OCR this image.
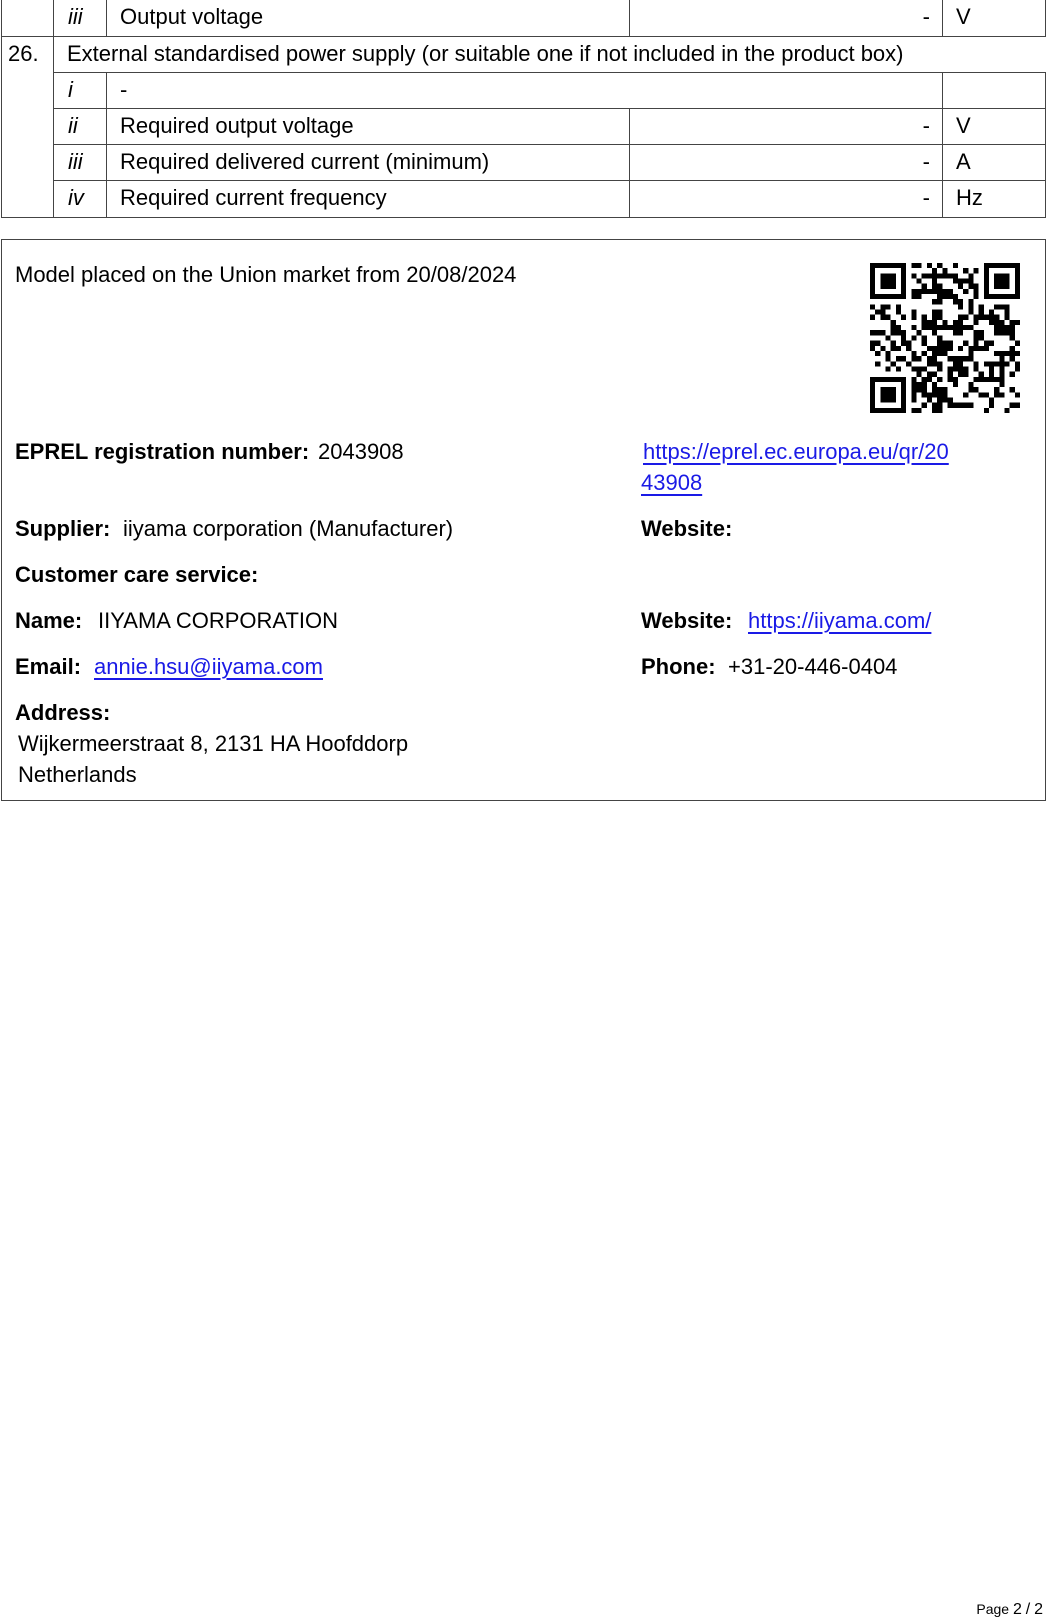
iii	Output voltage	-	V
26.	External standardised power supply (or suitable one if not included in the product box)
i	-
ii	Required output voltage	-	V
iii	Required delivered current (minimum)	-	A
iv	Required current frequency	-	Hz
Model placed on the Union market from 20/08/2024
EPREL registration number: 2043908	https://eprel.ec.europa.eu/qr/20
43908
Supplier: iiyama corporation (Manufacturer)	Website:
Customer care service:
Name: IIYAMA CORPORATION	Website: https://iiyama.com/
Email: annie.hsu@iiyama.com	Phone: +31-20-446-0404
Address:
Wijkermeerstraat 8, 2131 HA Hoofddorp
Netherlands
Page 2 / 2
